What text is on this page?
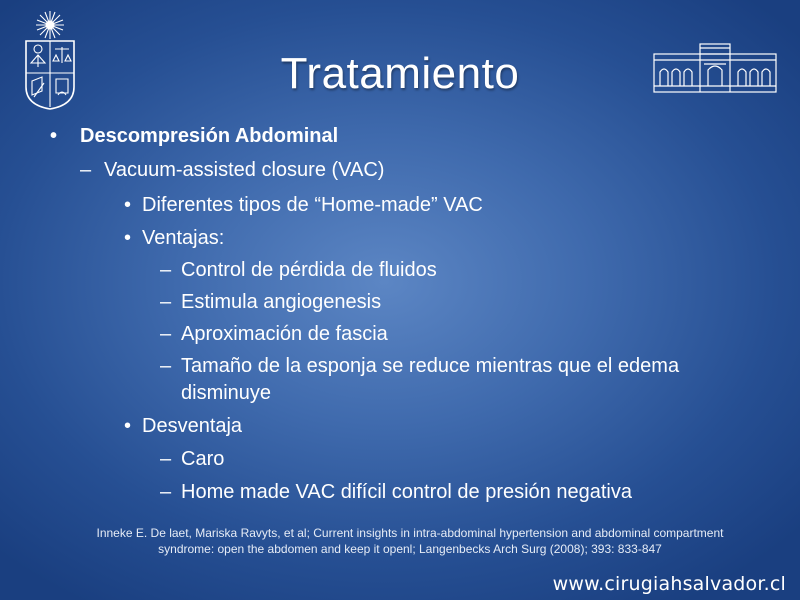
Tratamiento
• Descompresión Abdominal
– Vacuum-assisted closure (VAC)
• Diferentes tipos de “Home-made” VAC
• Ventajas:
– Control de pérdida de fluidos
– Estimula angiogenesis
– Aproximación de fascia
– Tamaño de la esponja se reduce mientras que el edema
disminuye
• Desventaja
– Caro
– Home made VAC difícil control de presión negativa
Inneke E. De laet, Mariska Ravyts, et al; Current insights in intra-abdominal hypertension and abdominal compartment
syndrome: open the abdomen and keep it openl; Langenbecks Arch Surg (2008); 393: 833-847
www.cirugiahsalvador.cl
